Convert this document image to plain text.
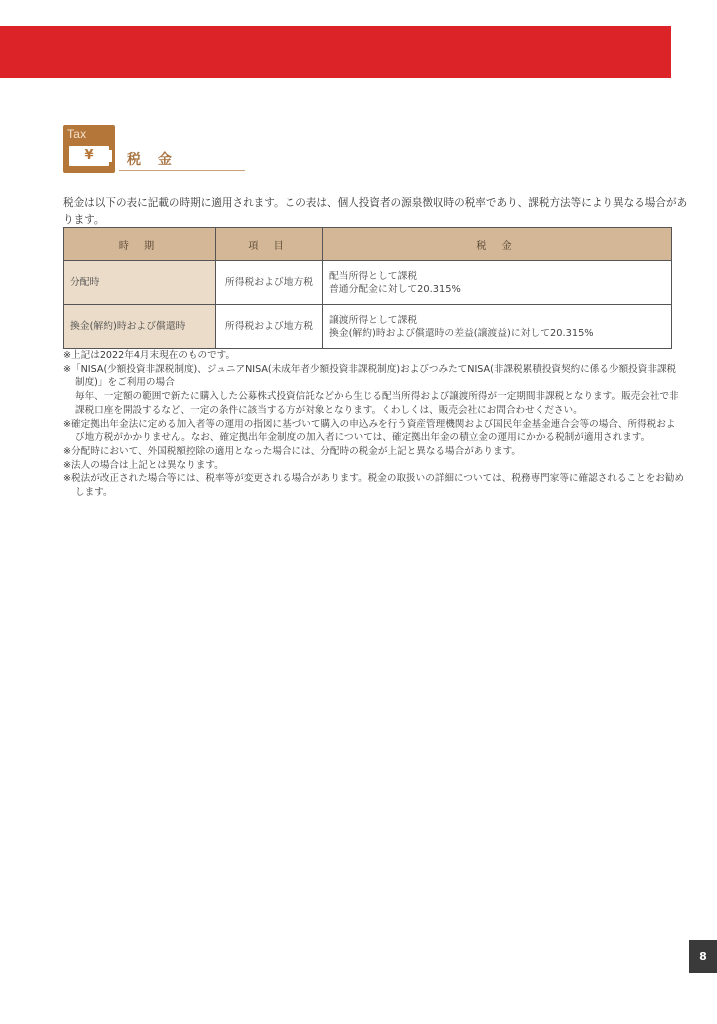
Tax
¥	税 金

税金は以下の表に記載の時期に適用されます。この表は、個人投資者の源泉徴収時の税率であり、課税方法等により異なる場合があります。

時 期	項 目	税 金
分配時	所得税および地方税	配当所得として課税
普通分配金に対して20.315%

換金(解約)時および償還時	所得税および地方税	譲渡所得として課税
換金(解約)時および償還時の差益(譲渡益)に対して20.315%

※上記は2022年4月末現在のものです。

※「NISA(少額投資非課税制度)、ジュニアNISA(未成年者少額投資非課税制度)およびつみたてNISA(非課税累積投資契約に係る少額投資非課税制度)」をご利用の場合
毎年、一定額の範囲で新たに購入した公募株式投資信託などから生じる配当所得および譲渡所得が一定期間非課税となります。販売会社で非課税口座を開設するなど、一定の条件に該当する方が対象となります。くわしくは、販売会社にお問合わせください。

※確定拠出年金法に定める加入者等の運用の指図に基づいて購入の申込みを行う資産管理機関および国民年金基金連合会等の場合、所得税および地方税がかかりません。なお、確定拠出年金制度の加入者については、確定拠出年金の積立金の運用にかかる税制が適用されます。

※分配時において、外国税額控除の適用となった場合には、分配時の税金が上記と異なる場合があります。

※法人の場合は上記とは異なります。

※税法が改正された場合等には、税率等が変更される場合があります。税金の取扱いの詳細については、税務専門家等に確認されることをお勧めします。

8
